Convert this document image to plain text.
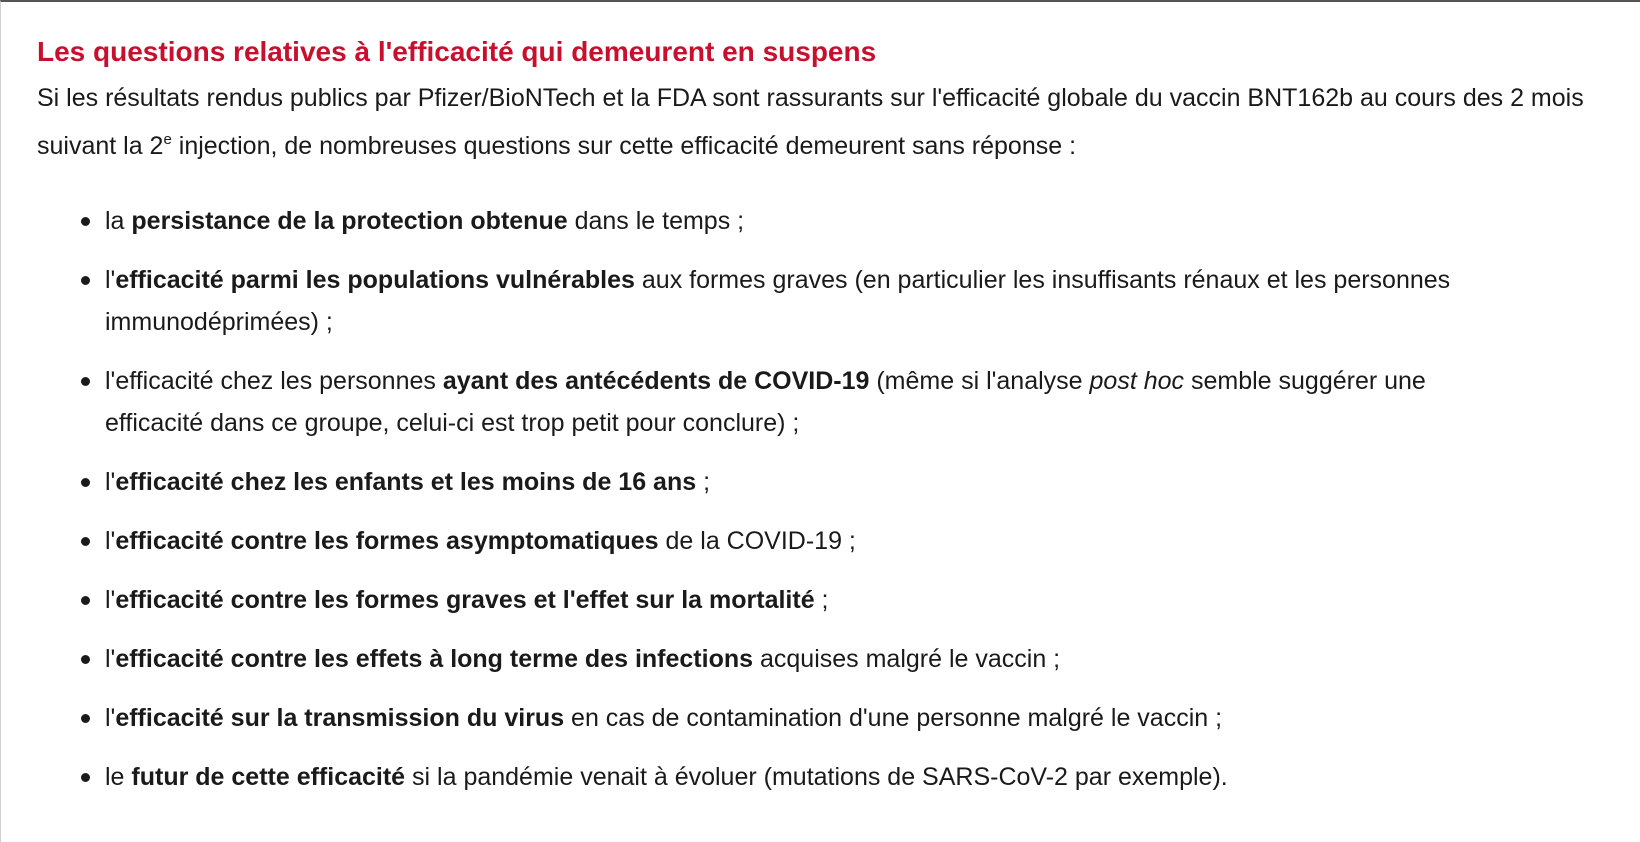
Les questions relatives à l'efficacité qui demeurent en suspens

Si les résultats rendus publics par Pfizer/BioNTech et la FDA sont rassurants sur l'efficacité globale du vaccin BNT162b au cours des 2 mois suivant la 2e injection, de nombreuses questions sur cette efficacité demeurent sans réponse :

la persistance de la protection obtenue dans le temps ;
l'efficacité parmi les populations vulnérables aux formes graves (en particulier les insuffisants rénaux et les personnes immunodéprimées) ;
l'efficacité chez les personnes ayant des antécédents de COVID-19 (même si l'analyse post hoc semble suggérer une efficacité dans ce groupe, celui-ci est trop petit pour conclure) ;
l'efficacité chez les enfants et les moins de 16 ans ;
l'efficacité contre les formes asymptomatiques de la COVID-19 ;
l'efficacité contre les formes graves et l'effet sur la mortalité ;
l'efficacité contre les effets à long terme des infections acquises malgré le vaccin ;
l'efficacité sur la transmission du virus en cas de contamination d'une personne malgré le vaccin ;
le futur de cette efficacité si la pandémie venait à évoluer (mutations de SARS-CoV-2 par exemple).
